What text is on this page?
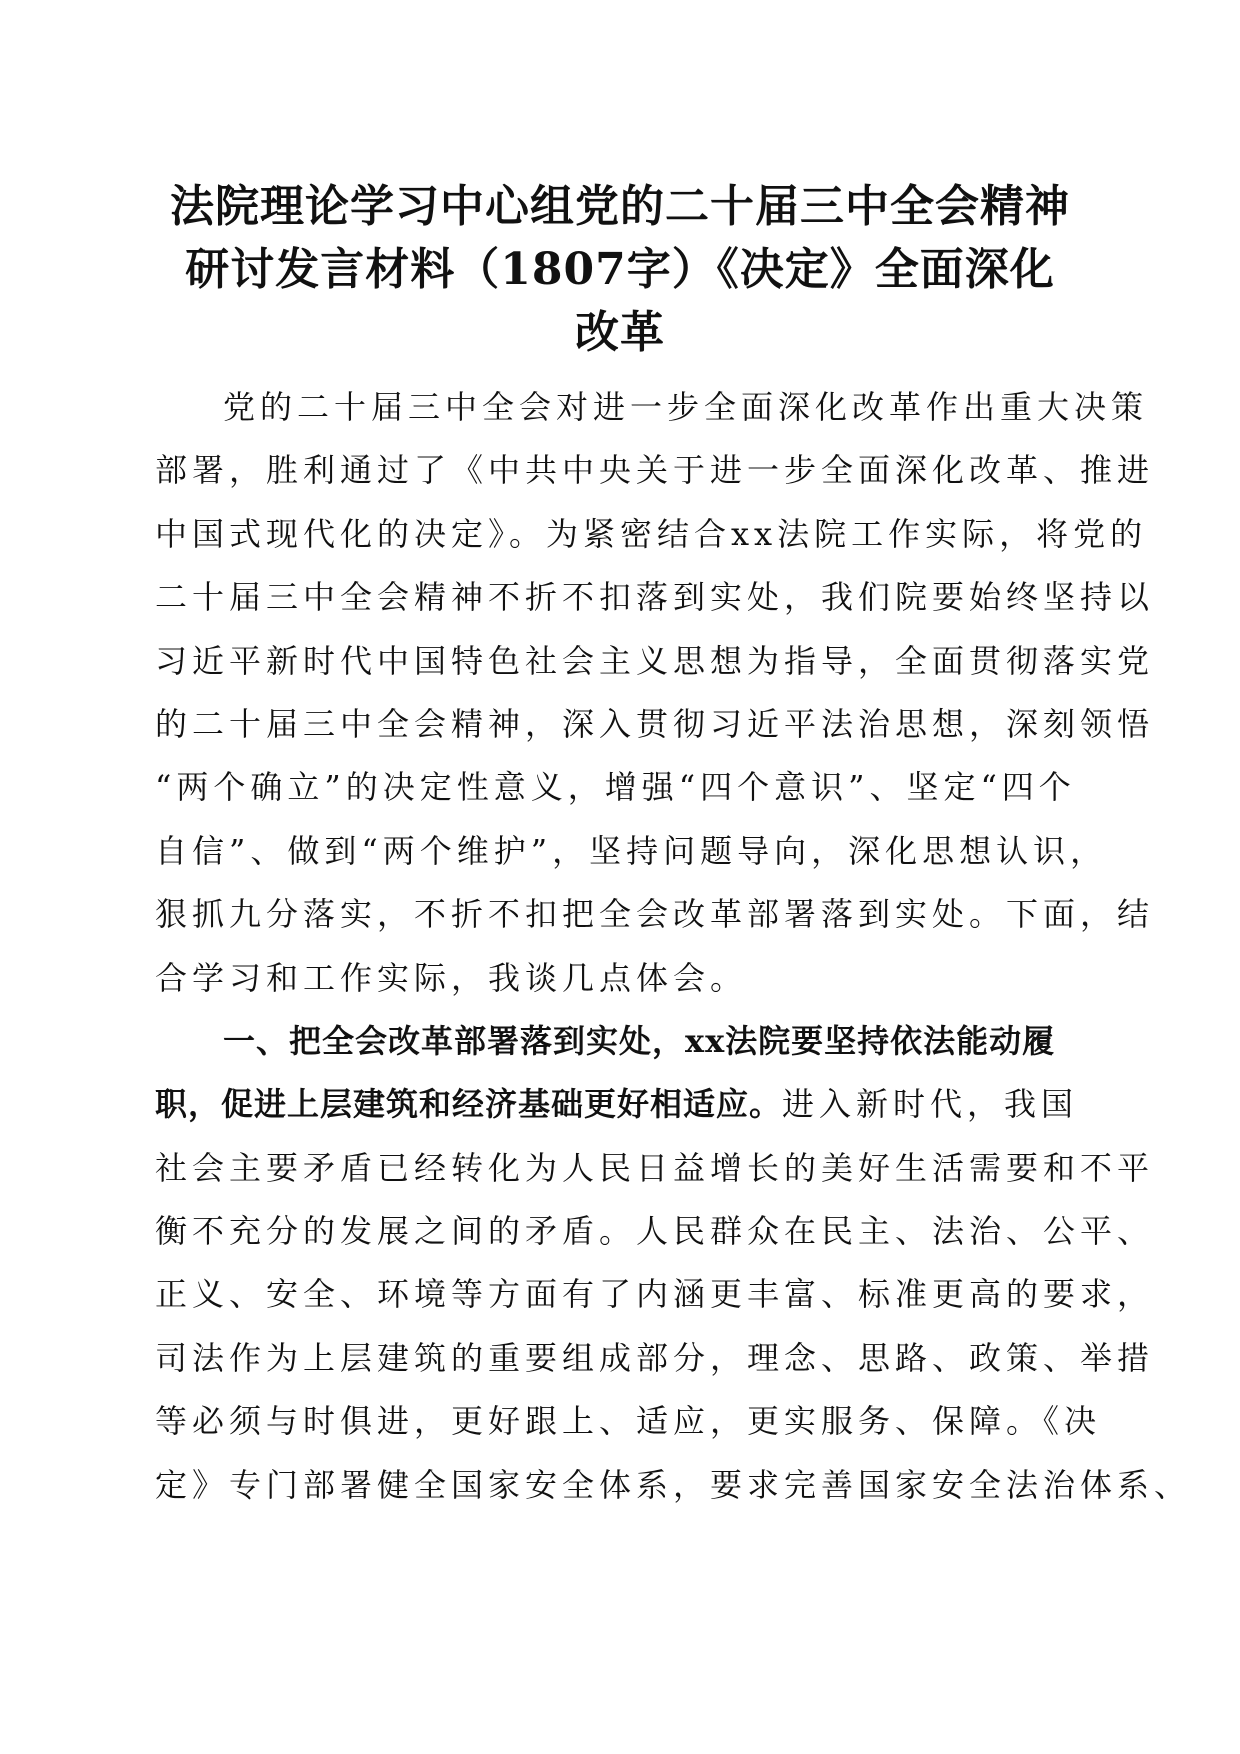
法院理论学习中心组党的二十届三中全会精神
研讨发言材料（1807字）《决定》全面深化
改革
党的二十届三中全会对进一步全面深化改革作出重大决策
部署，胜利通过了《中共中央关于进一步全面深化改革、推进
中国式现代化的决定》。为紧密结合xx法院工作实际，将党的
二十届三中全会精神不折不扣落到实处，我们院要始终坚持以
习近平新时代中国特色社会主义思想为指导，全面贯彻落实党
的二十届三中全会精神，深入贯彻习近平法治思想，深刻领悟
“两个确立”的决定性意义，增强“四个意识”、坚定“四个
自信”、做到“两个维护”，坚持问题导向，深化思想认识，
狠抓九分落实，不折不扣把全会改革部署落到实处。下面，结
合学习和工作实际，我谈几点体会。
一、把全会改革部署落到实处，xx法院要坚持依法能动履
职，促进上层建筑和经济基础更好相适应。进入新时代，我国
社会主要矛盾已经转化为人民日益增长的美好生活需要和不平
衡不充分的发展之间的矛盾。人民群众在民主、法治、公平、
正义、安全、环境等方面有了内涵更丰富、标准更高的要求，
司法作为上层建筑的重要组成部分，理念、思路、政策、举措
等必须与时俱进，更好跟上、适应，更实服务、保障。《决
定》专门部署健全国家安全体系，要求完善国家安全法治体系、
